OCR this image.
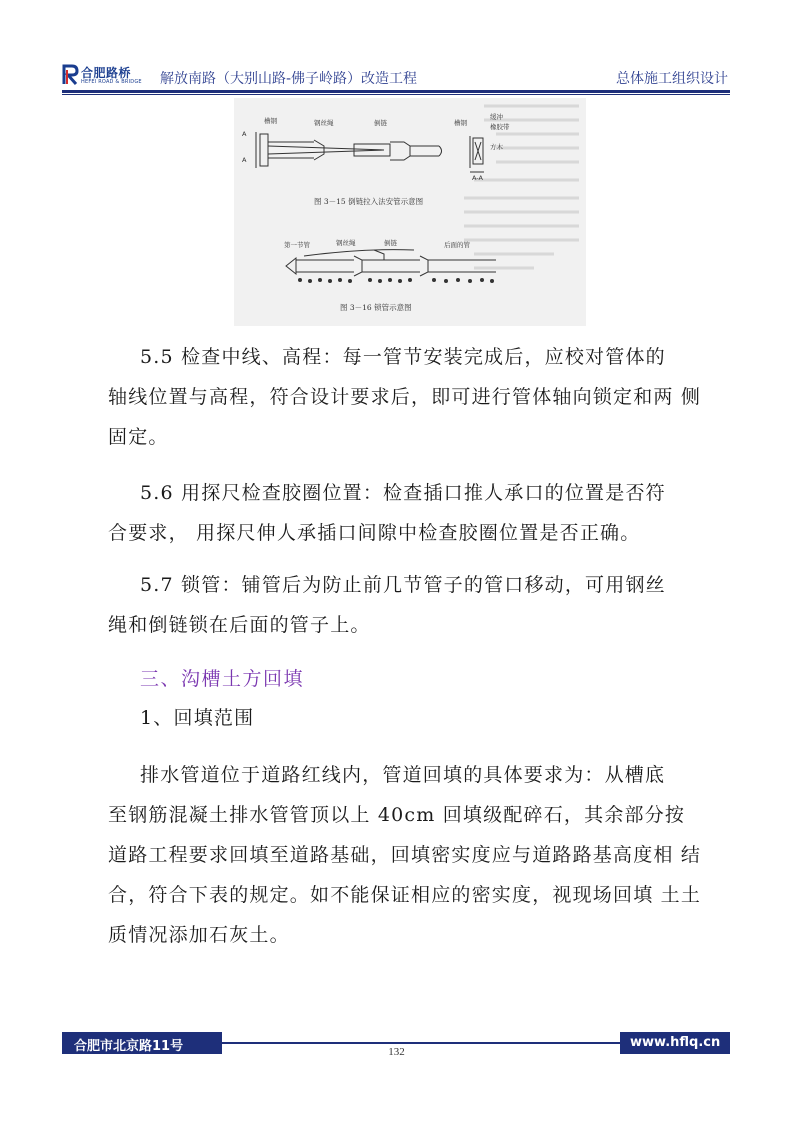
合肥路桥
HEFEI ROAD & BRIDGE 解放南路（大别山路-佛子岭路）改造工程	总体施工组织设计
A
A
槽钢	钢丝绳	倒链	槽钢
缓冲
橡胶带
方木
A-A
图 3－15 倒链拉入法安管示意图
第一节管	钢丝绳	倒链	后面的管
图 3－16 锁管示意图
5.5 检查中线、高程：每一管节安装完成后，应校对管体的
轴线位置与高程，符合设计要求后，即可进行管体轴向锁定和两 侧
固定。
5.6 用探尺检查胶圈位置：检查插口推人承口的位置是否符
合要求， 用探尺伸人承插口间隙中检查胶圈位置是否正确。
5.7 锁管：铺管后为防止前几节管子的管口移动，可用钢丝
绳和倒链锁在后面的管子上。
三、沟槽土方回填
1、回填范围
排水管道位于道路红线内，管道回填的具体要求为：从槽底
至钢筋混凝土排水管管顶以上 40cm 回填级配碎石，其余部分按
道路工程要求回填至道路基础，回填密实度应与道路路基高度相 结
合，符合下表的规定。如不能保证相应的密实度，视现场回填 土土
质情况添加石灰土。
合肥市北京路11号	www.hflq.cn
132
